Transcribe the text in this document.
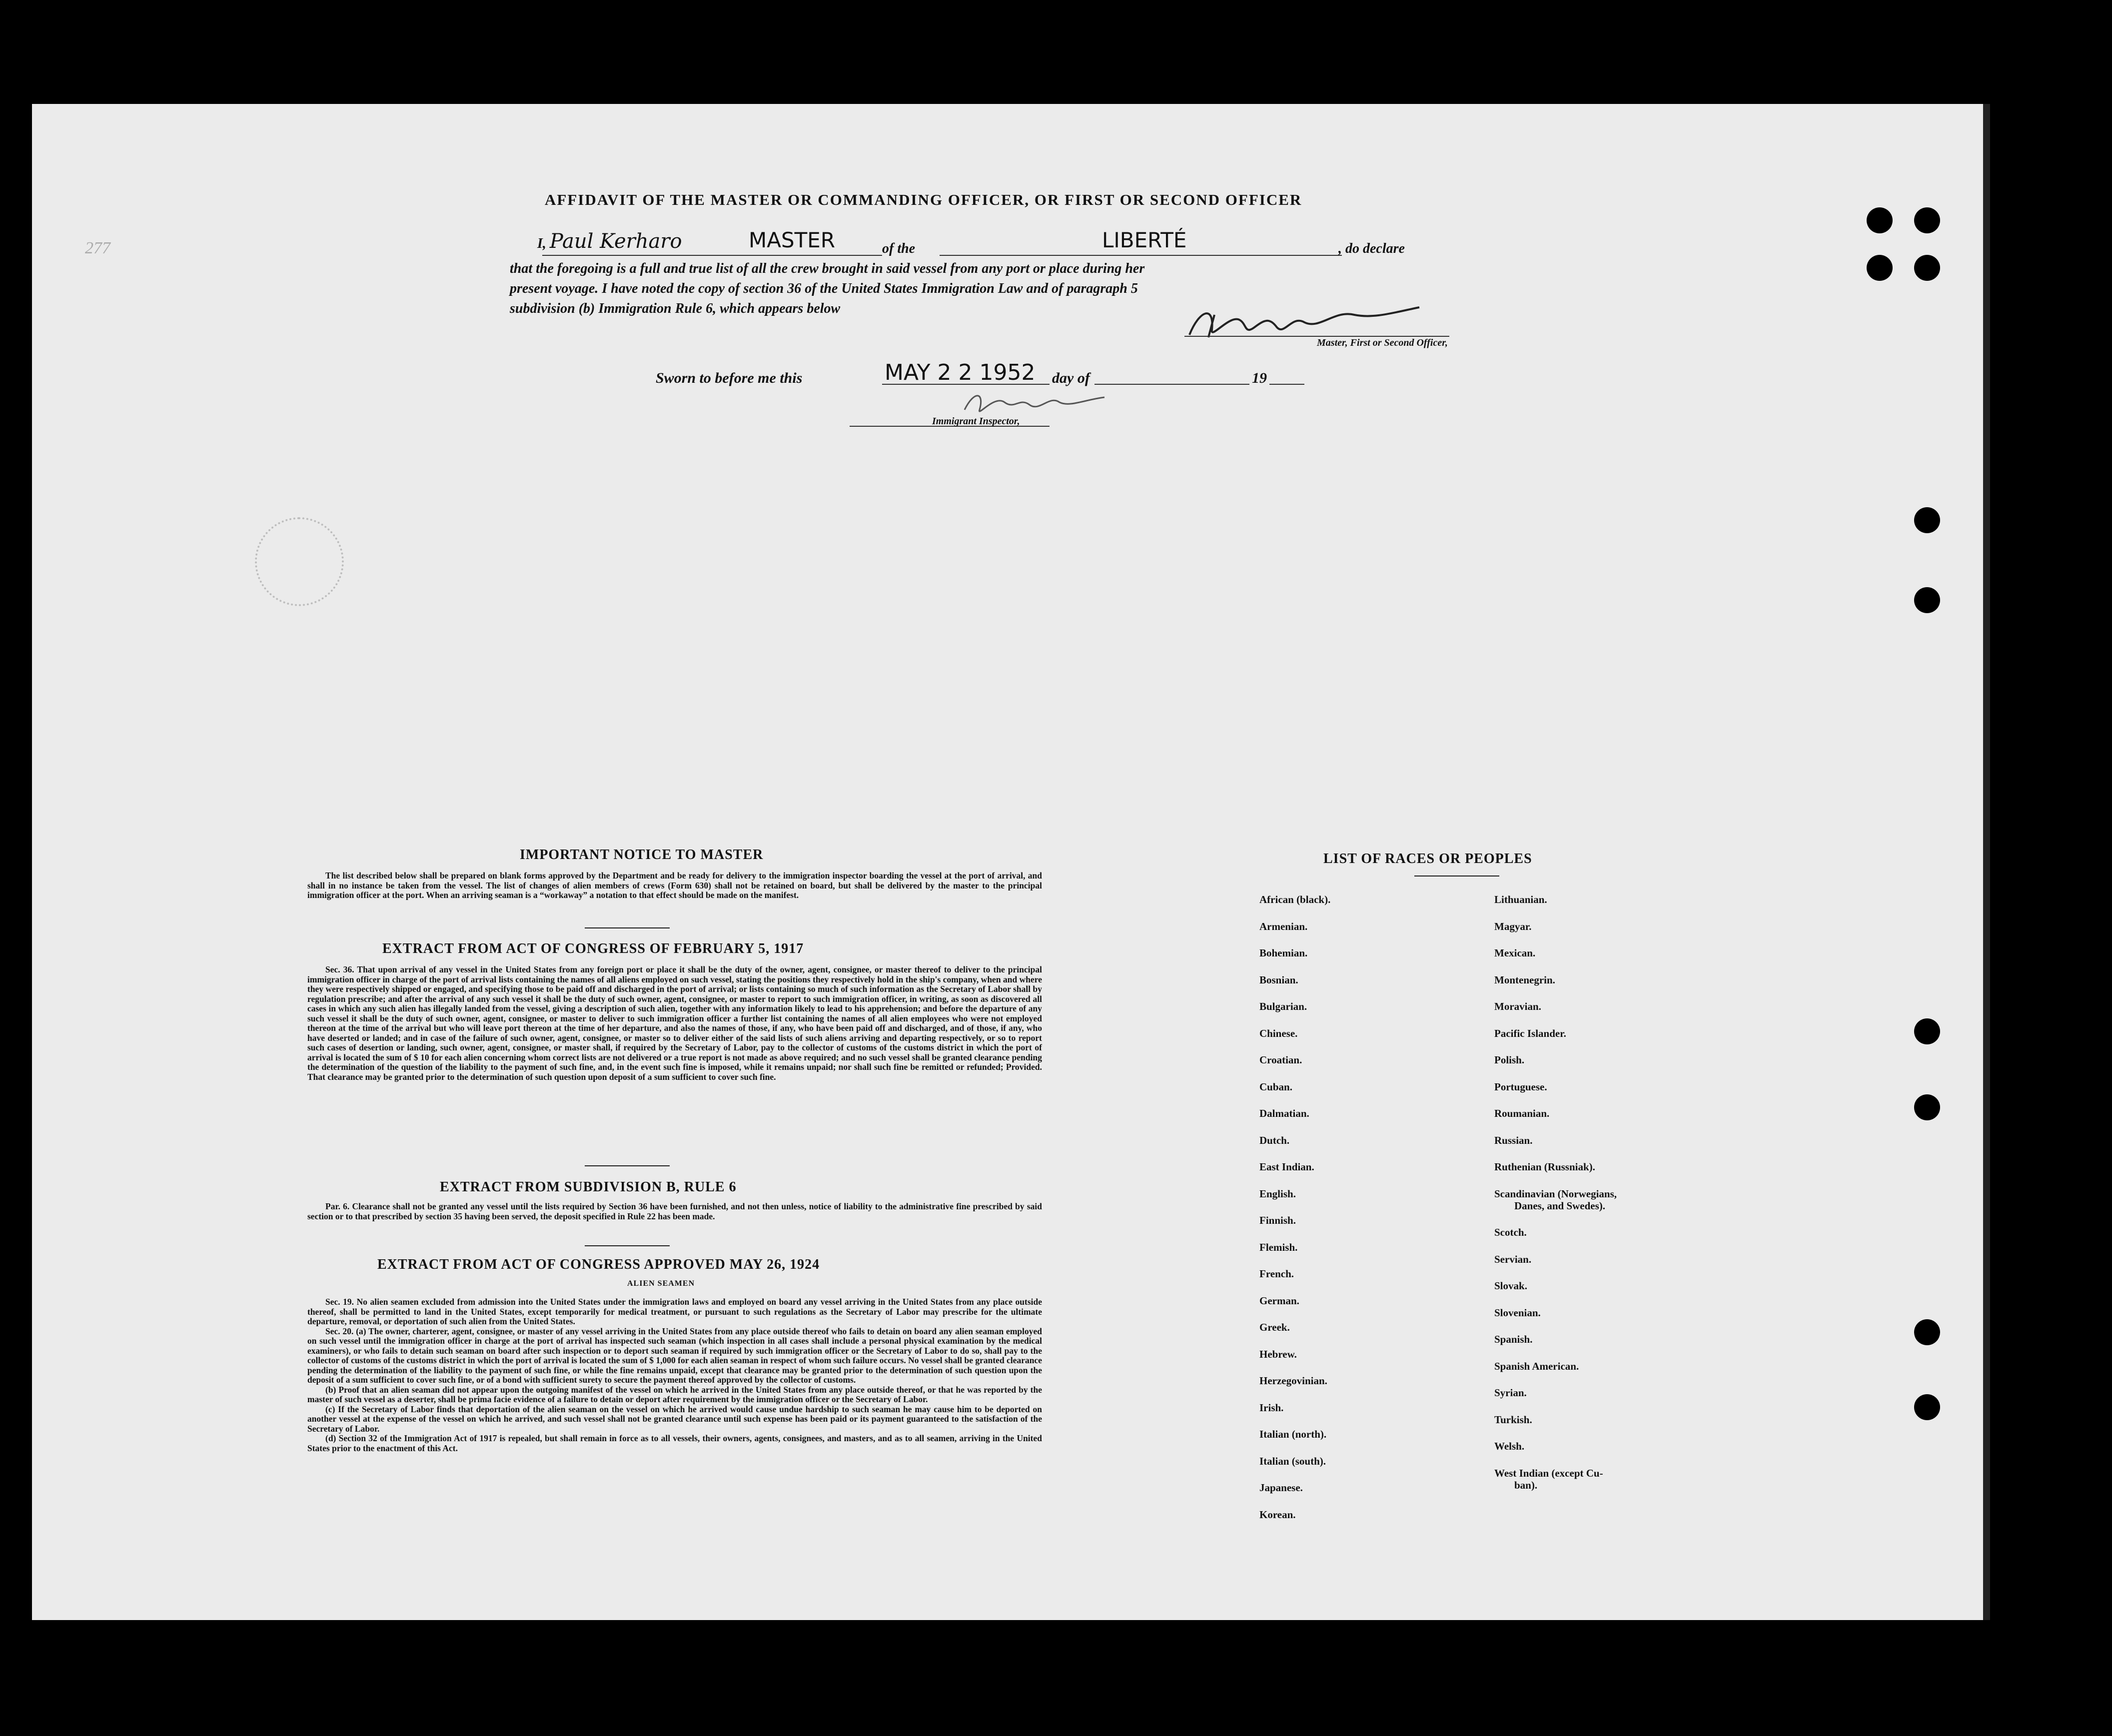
277
AFFIDAVIT OF THE MASTER OR COMMANDING OFFICER, OR FIRST OR SECOND OFFICER
I, Paul Kerharo	MASTER	of the	LIBERTÉ	, do declare
that the foregoing is a full and true list of all the crew brought in said vessel from any port or place during her
present voyage. I have noted the copy of section 36 of the United States Immigration Law and of paragraph 5
subdivision (b) Immigration Rule 6, which appears below
Master, First or Second Officer,
Sworn to before me this	MAY 2 2 1952 day of	19
Immigrant Inspector,
IMPORTANT NOTICE TO MASTER

The list described below shall be prepared on blank forms approved by the Department and be ready for delivery to the immigration inspector boarding the vessel at the port of arrival, and shall in no instance be taken from the vessel. The list of changes of alien members of crews (Form 630) shall not be retained on board, but shall be delivered by the master to the principal immigration officer at the port. When an arriving seaman is a “workaway” a notation to that effect should be made on the manifest.

EXTRACT FROM ACT OF CONGRESS OF FEBRUARY 5, 1917

Sec. 36. That upon arrival of any vessel in the United States from any foreign port or place it shall be the duty of the owner, agent, consignee, or master thereof to deliver to the principal immigration officer in charge of the port of arrival lists containing the names of all aliens employed on such vessel, stating the positions they respectively hold in the ship's company, when and where they were respectively shipped or engaged, and specifying those to be paid off and discharged in the port of arrival; or lists containing so much of such information as the Secretary of Labor shall by regulation prescribe; and after the arrival of any such vessel it shall be the duty of such owner, agent, consignee, or master to report to such immigration officer, in writing, as soon as discovered all cases in which any such alien has illegally landed from the vessel, giving a description of such alien, together with any information likely to lead to his apprehension; and before the departure of any such vessel it shall be the duty of such owner, agent, consignee, or master to deliver to such immigration officer a further list containing the names of all alien employees who were not employed thereon at the time of the arrival but who will leave port thereon at the time of her departure, and also the names of those, if any, who have been paid off and discharged, and of those, if any, who have deserted or landed; and in case of the failure of such owner, agent, consignee, or master so to deliver either of the said lists of such aliens arriving and departing respectively, or so to report such cases of desertion or landing, such owner, agent, consignee, or master shall, if required by the Secretary of Labor, pay to the collector of customs of the customs district in which the port of arrival is located the sum of $ 10 for each alien concerning whom correct lists are not delivered or a true report is not made as above required; and no such vessel shall be granted clearance pending the determination of the question of the liability to the payment of such fine, and, in the event such fine is imposed, while it remains unpaid; nor shall such fine be remitted or refunded; Provided. That clearance may be granted prior to the determination of such question upon deposit of a sum sufficient to cover such fine.

EXTRACT FROM SUBDIVISION B, RULE 6

Par. 6. Clearance shall not be granted any vessel until the lists required by Section 36 have been furnished, and not then unless, notice of liability to the administrative fine prescribed by said section or to that prescribed by section 35 having been served, the deposit specified in Rule 22 has been made.

EXTRACT FROM ACT OF CONGRESS APPROVED MAY 26, 1924
ALIEN SEAMEN

Sec. 19. No alien seamen excluded from admission into the United States under the immigration laws and employed on board any vessel arriving in the United States from any place outside thereof, shall be permitted to land in the United States, except temporarily for medical treatment, or pursuant to such regulations as the Secretary of Labor may prescribe for the ultimate departure, removal, or deportation of such alien from the United States.

Sec. 20. (a) The owner, charterer, agent, consignee, or master of any vessel arriving in the United States from any place outside thereof who fails to detain on board any alien seaman employed on such vessel until the immigration officer in charge at the port of arrival has inspected such seaman (which inspection in all cases shall include a personal physical examination by the medical examiners), or who fails to detain such seaman on board after such inspection or to deport such seaman if required by such immigration officer or the Secretary of Labor to do so, shall pay to the collector of customs of the customs district in which the port of arrival is located the sum of $ 1,000 for each alien seaman in respect of whom such failure occurs. No vessel shall be granted clearance pending the determination of the liability to the payment of such fine, or while the fine remains unpaid, except that clearance may be granted prior to the determination of such question upon the deposit of a sum sufficient to cover such fine, or of a bond with sufficient surety to secure the payment thereof approved by the collector of customs.

(b) Proof that an alien seaman did not appear upon the outgoing manifest of the vessel on which he arrived in the United States from any place outside thereof, or that he was reported by the master of such vessel as a deserter, shall be prima facie evidence of a failure to detain or deport after requirement by the immigration officer or the Secretary of Labor.

(c) If the Secretary of Labor finds that deportation of the alien seaman on the vessel on which he arrived would cause undue hardship to such seaman he may cause him to be deported on another vessel at the expense of the vessel on which he arrived, and such vessel shall not be granted clearance until such expense has been paid or its payment guaranteed to the satisfaction of the Secretary of Labor.

(d) Section 32 of the Immigration Act of 1917 is repealed, but shall remain in force as to all vessels, their owners, agents, consignees, and masters, and as to all seamen, arriving in the United States prior to the enactment of this Act.

LIST OF RACES OR PEOPLES
African (black).
Armenian.
Bohemian.
Bosnian.
Bulgarian.
Chinese.
Croatian.
Cuban.
Dalmatian.
Dutch.
East Indian.
English.
Finnish.
Flemish.
French.
German.
Greek.
Hebrew.
Herzegovinian.
Irish.
Italian (north).
Italian (south).
Japanese.
Korean.
Lithuanian.
Magyar.
Mexican.
Montenegrin.
Moravian.
Pacific Islander.
Polish.
Portuguese.
Roumanian.
Russian.
Ruthenian (Russniak).
Scandinavian (Norwegians,
Danes, and Swedes).
Scotch.
Servian.
Slovak.
Slovenian.
Spanish.
Spanish American.
Syrian.
Turkish.
Welsh.
West Indian (except Cu-
ban).
